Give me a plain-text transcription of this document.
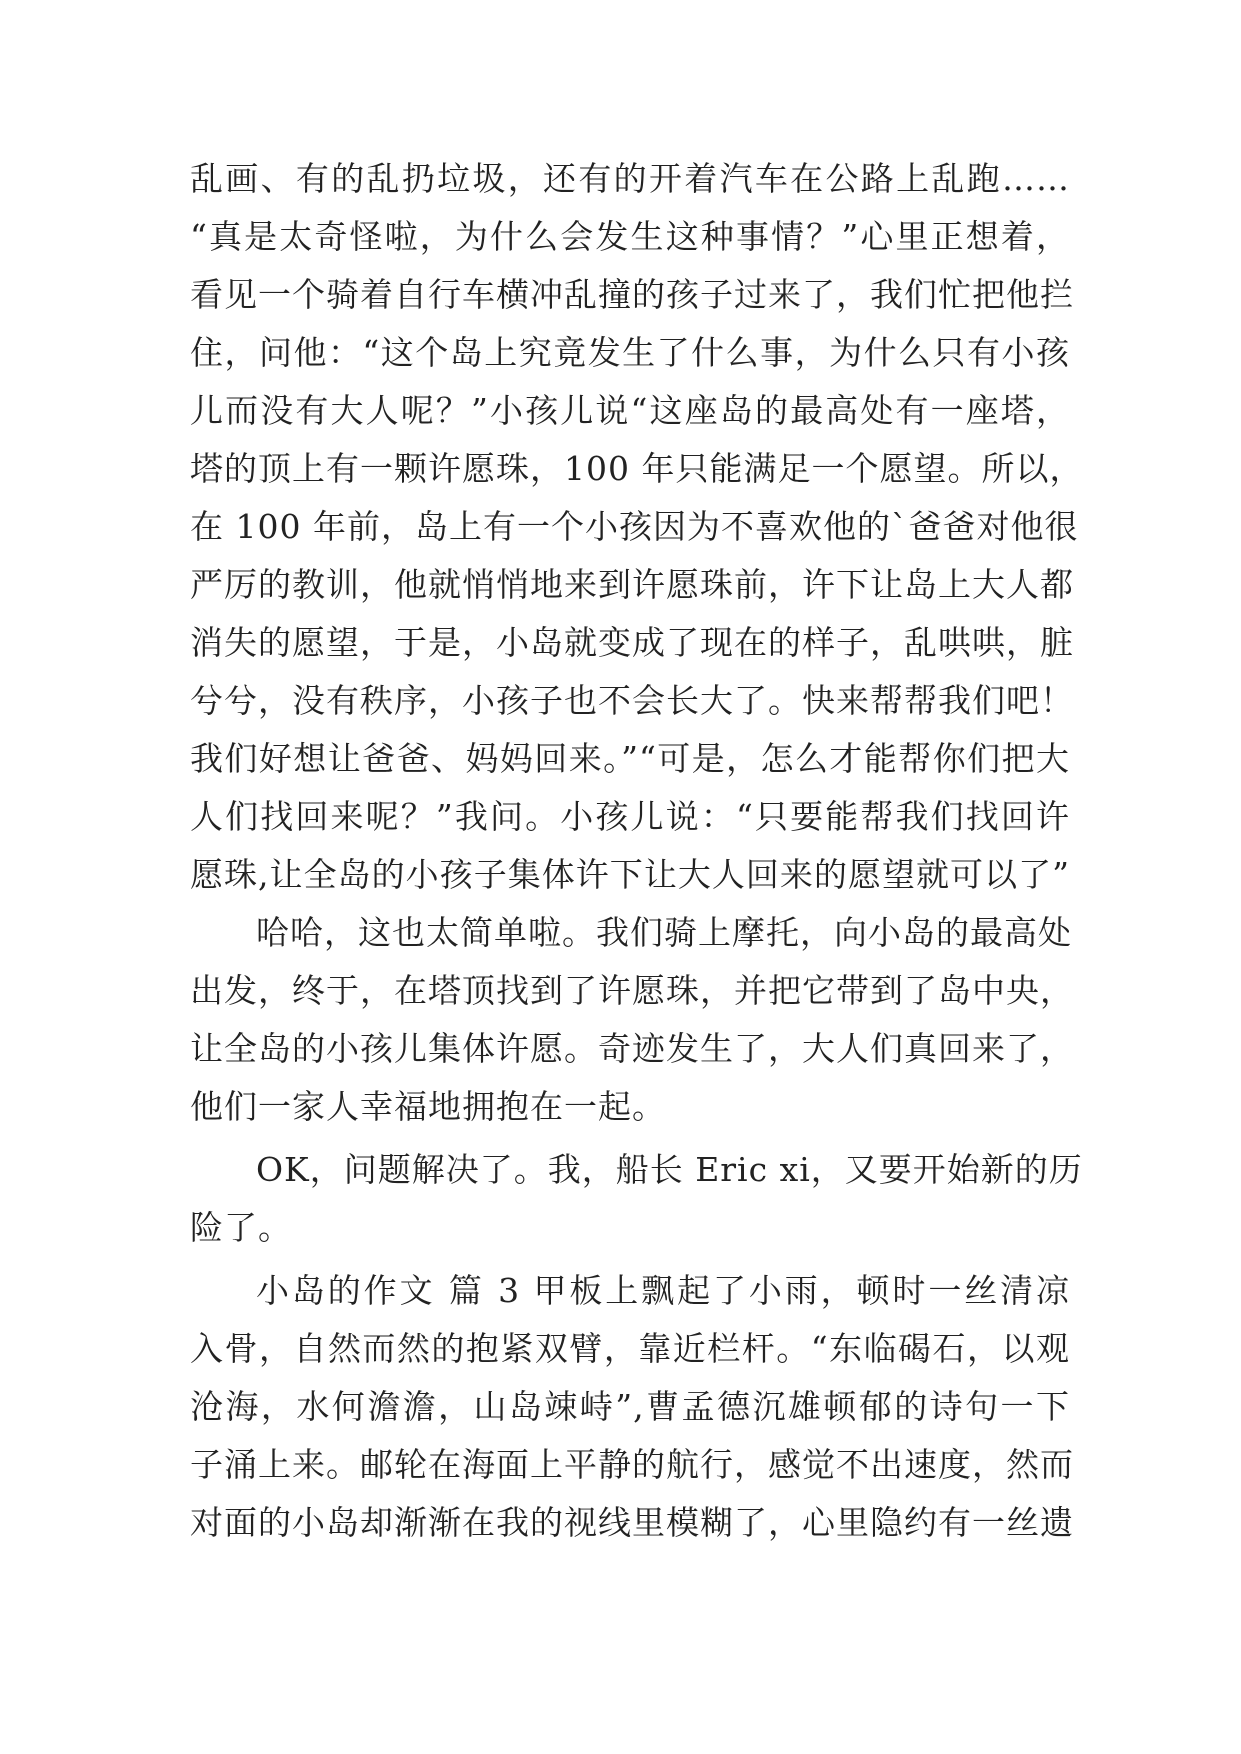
乱画、有的乱扔垃圾，还有的开着汽车在公路上乱跑……
“真是太奇怪啦，为什么会发生这种事情？”心里正想着，
看见一个骑着自行车横冲乱撞的孩子过来了，我们忙把他拦
住，问他：“这个岛上究竟发生了什么事，为什么只有小孩
儿而没有大人呢？”小孩儿说“这座岛的最高处有一座塔，
塔的顶上有一颗许愿珠，100 年只能满足一个愿望。所以，
在 100 年前，岛上有一个小孩因为不喜欢他的`爸爸对他很
严厉的教训，他就悄悄地来到许愿珠前，许下让岛上大人都
消失的愿望，于是，小岛就变成了现在的样子，乱哄哄，脏
兮兮，没有秩序，小孩子也不会长大了。快来帮帮我们吧！
我们好想让爸爸、妈妈回来。”“可是，怎么才能帮你们把大
人们找回来呢？”我问。小孩儿说：“只要能帮我们找回许
愿珠,让全岛的小孩子集体许下让大人回来的愿望就可以了”
哈哈，这也太简单啦。我们骑上摩托，向小岛的最高处
出发，终于，在塔顶找到了许愿珠，并把它带到了岛中央，
让全岛的小孩儿集体许愿。奇迹发生了，大人们真回来了，
他们一家人幸福地拥抱在一起。
OK，问题解决了。我，船长 Eric xi，又要开始新的历
险了。
小岛的作文 篇 3 甲板上飘起了小雨，顿时一丝清凉
入骨，自然而然的抱紧双臂，靠近栏杆。“东临碣石，以观
沧海，水何澹澹，山岛竦峙”,曹孟德沉雄顿郁的诗句一下
子涌上来。邮轮在海面上平静的航行，感觉不出速度，然而
对面的小岛却渐渐在我的视线里模糊了，心里隐约有一丝遗
